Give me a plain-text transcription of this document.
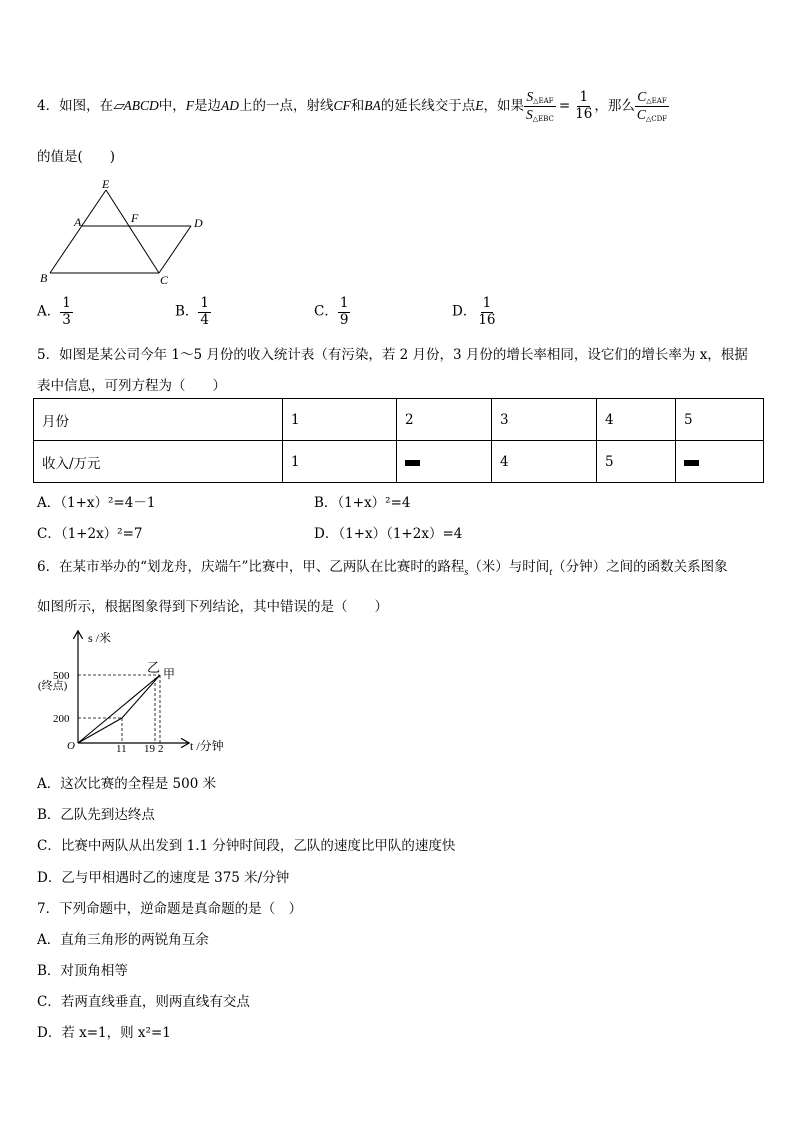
4．如图，在▱ABCD中，F是边AD上的一点，射线CF和BA的延长线交于点E，如果 $\frac{S_{\triangle EAF}}{S_{\triangle EBC}} = \frac{1}{16}$ ，那么 $\frac{C_{\triangle EAF}}{C_{\triangle CDF}}$
的值是(　　)
E
A	F	D
B	C
A． $\frac{1}{3}$	B． $\frac{1}{4}$	C． $\frac{1}{9}$	D． $\frac{1}{16}$
5．如图是某公司今年 1～5 月份的收入统计表（有污染，若 2 月份，3 月份的增长率相同，设它们的增长率为 x，根据
表中信息，可列方程为（　　）
月份	1	2	3	4	5
收入/万元	1		4	5	
A．（1+x）²=4－1	B．（1+x）²=4
C．（1+2x）²=7	D．（1+x）（1+2x）=4
6．在某市举办的“划龙舟，庆端午”比赛中，甲、乙两队在比赛时的路程$_s$（米）与时间$_t$（分钟）之间的函数关系图象
如图所示，根据图象得到下列结论，其中错误的是（　　）
s /米
t /分钟
500
(终点)
200
O	11 19 2
乙 甲
A．这次比赛的全程是 500 米
B．乙队先到达终点
C．比赛中两队从出发到 1.1 分钟时间段，乙队的速度比甲队的速度快
D．乙与甲相遇时乙的速度是 375 米/分钟
7．下列命题中，逆命题是真命题的是（　）
A．直角三角形的两锐角互余
B．对顶角相等
C．若两直线垂直，则两直线有交点
D．若 x=1，则 x²=1
